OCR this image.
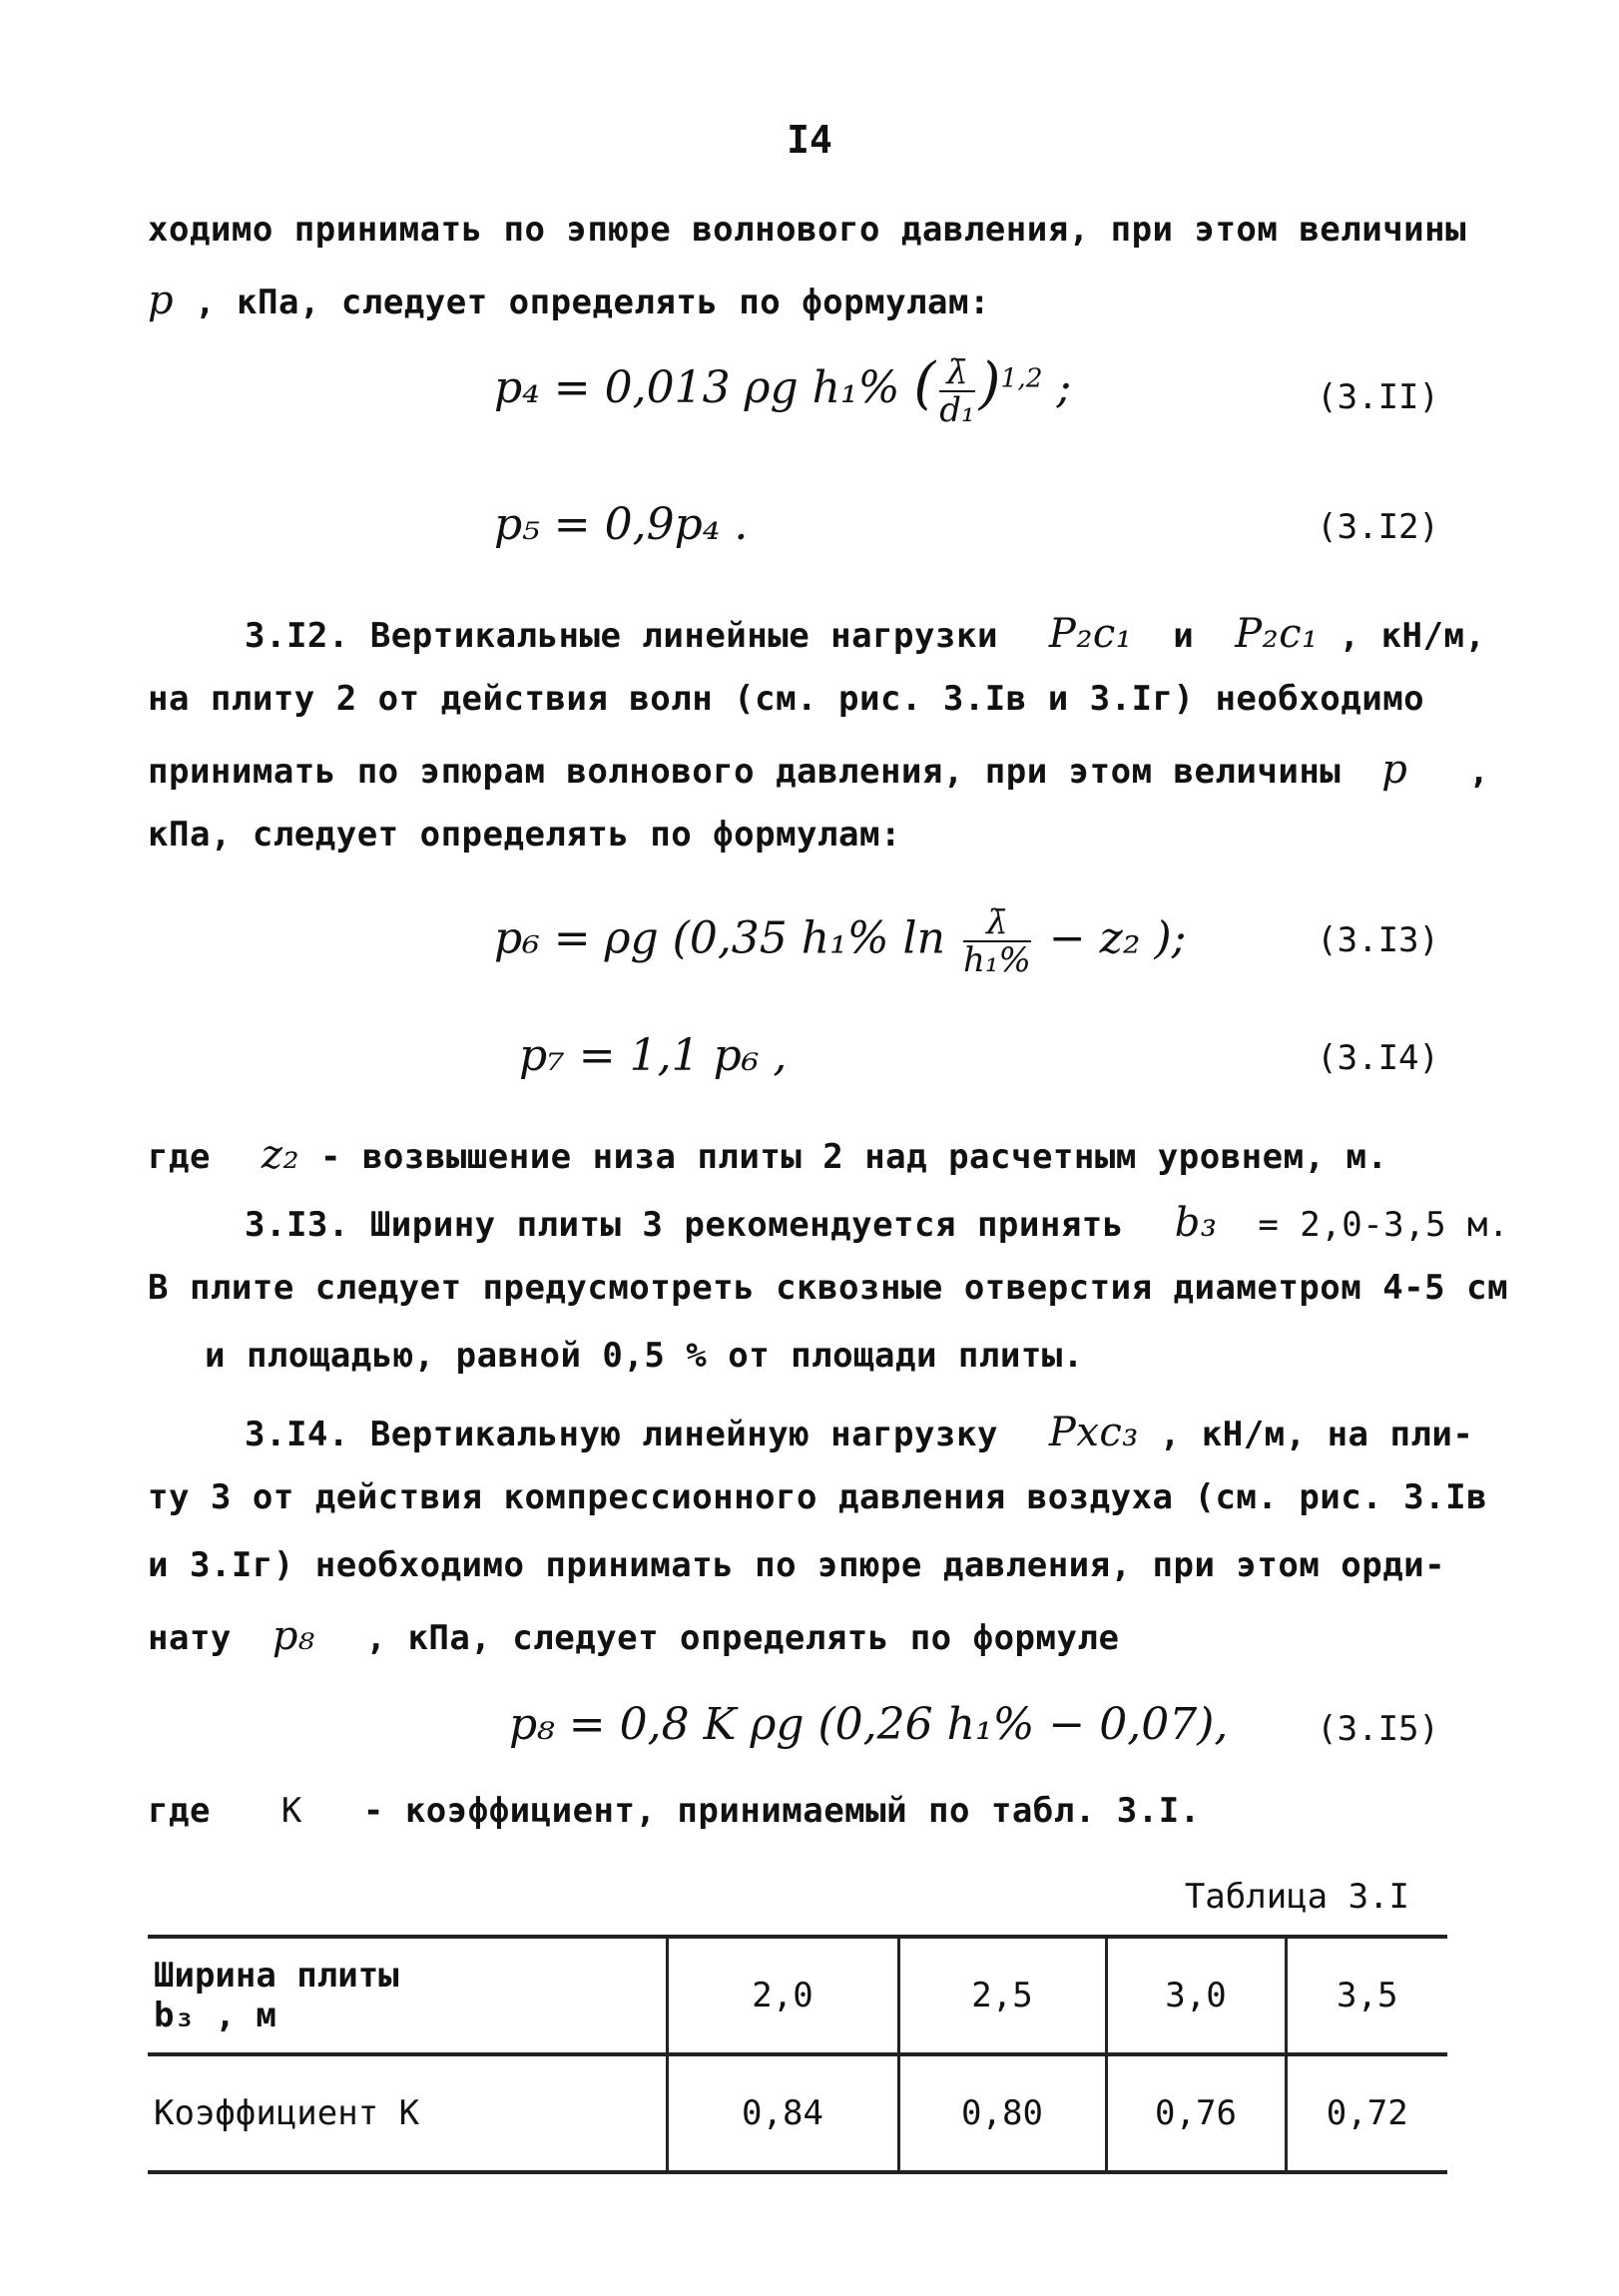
I4
ходимо принимать по эпюре волнового давления, при этом величины
p , кПа, следует определять по формулам:
p₄ = 0,013 ρg h₁% ( $\frac{\lambdā}{\text{d₁}} )^{1,2}$ ;	(3.II)
p₅ = 0,9p₄ .	(3.I2)
3.I2. Вертикальные линейные нагрузки P₂c₁ и P₂c₁ , кН/м,
на плиту 2 от действия волн (см. рис. 3.Iв и 3.Iг) необходимо
принимать по эпюрам волнового давления, при этом величины p ,
кПа, следует определять по формулам:
p₆ = ρg (0,35 h₁% $\ln \frac{\lambdā}{\text{h₁\%}} - z_2$ );	(3.I3)
p₇ = 1,1 p₆ ,	(3.I4)
где z₂ - возвышение низа плиты 2 над расчетным уровнем, м.
3.I3. Ширину плиты 3 рекомендуется принять b₃ = 2,0-3,5 м.
В плите следует предусмотреть сквозные отверстия диаметром 4-5 см
и площадью, равной 0,5 % от площади плиты.
3.I4. Вертикальную линейную нагрузку Pxc₃ , кН/м, на пли-
ту 3 от действия компрессионного давления воздуха (см. рис. 3.Iв
и 3.Iг) необходимо принимать по эпюре давления, при этом орди-
нату p₈ , кПа, следует определять по формуле
p₈ = 0,8 K ρg (0,26 h₁% − 0,07),	(3.I5)
где K - коэффициент, принимаемый по табл. 3.I.
Таблица 3.I
Ширина плиты
b₃ , м	2,0	2,5	3,0	3,5
Коэффициент K	0,84	0,80	0,76	0,72
